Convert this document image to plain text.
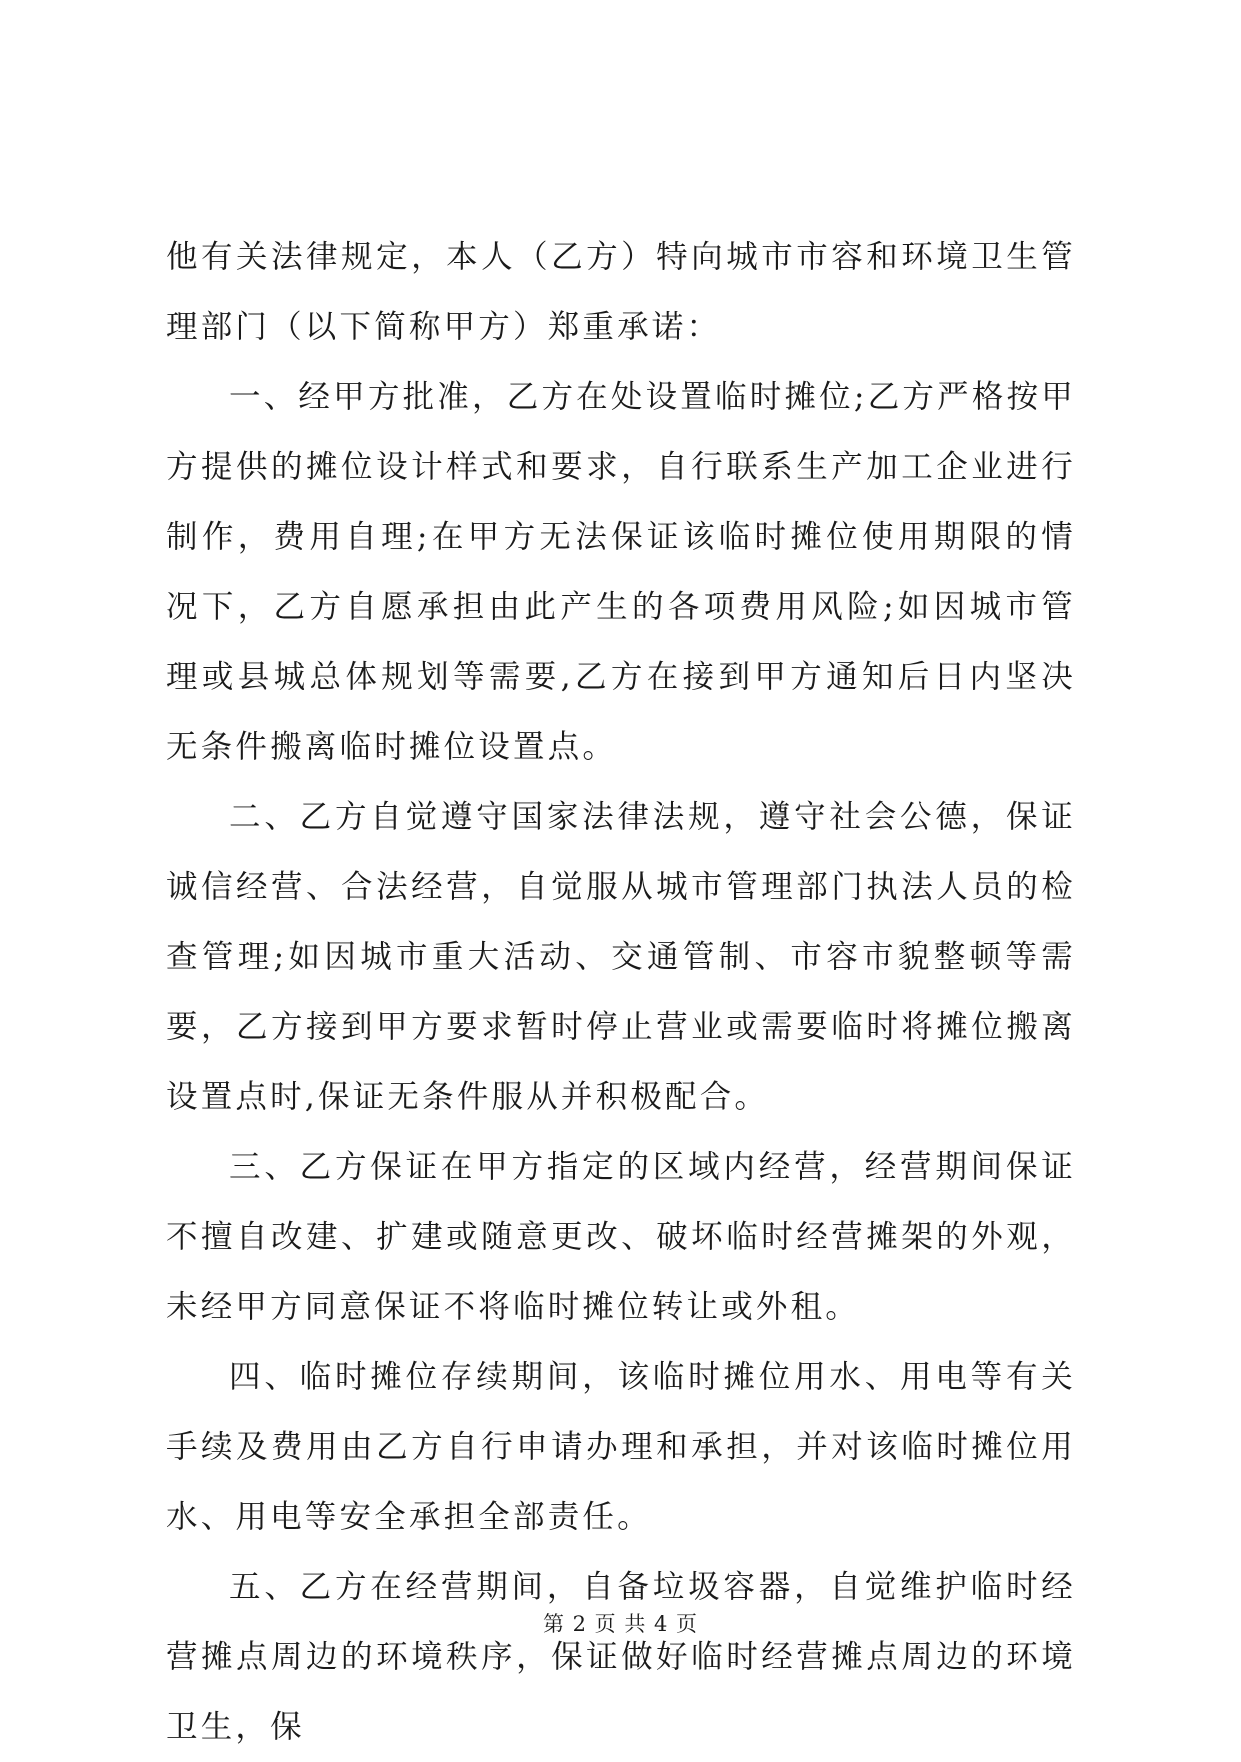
他有关法律规定，本人（乙方）特向城市市容和环境卫生管理部门（以下简称甲方）郑重承诺：

一、经甲方批准，乙方在处设置临时摊位;乙方严格按甲方提供的摊位设计样式和要求，自行联系生产加工企业进行制作，费用自理;在甲方无法保证该临时摊位使用期限的情况下，乙方自愿承担由此产生的各项费用风险;如因城市管理或县城总体规划等需要,乙方在接到甲方通知后日内坚决无条件搬离临时摊位设置点。

二、乙方自觉遵守国家法律法规，遵守社会公德，保证诚信经营、合法经营，自觉服从城市管理部门执法人员的检查管理;如因城市重大活动、交通管制、市容市貌整顿等需要，乙方接到甲方要求暂时停止营业或需要临时将摊位搬离设置点时,保证无条件服从并积极配合。

三、乙方保证在甲方指定的区域内经营，经营期间保证不擅自改建、扩建或随意更改、破坏临时经营摊架的外观，未经甲方同意保证不将临时摊位转让或外租。

四、临时摊位存续期间，该临时摊位用水、用电等有关手续及费用由乙方自行申请办理和承担，并对该临时摊位用水、用电等安全承担全部责任。

五、乙方在经营期间，自备垃圾容器，自觉维护临时经营摊点周边的环境秩序，保证做好临时经营摊点周边的环境卫生，保

第 2 页 共 4 页
